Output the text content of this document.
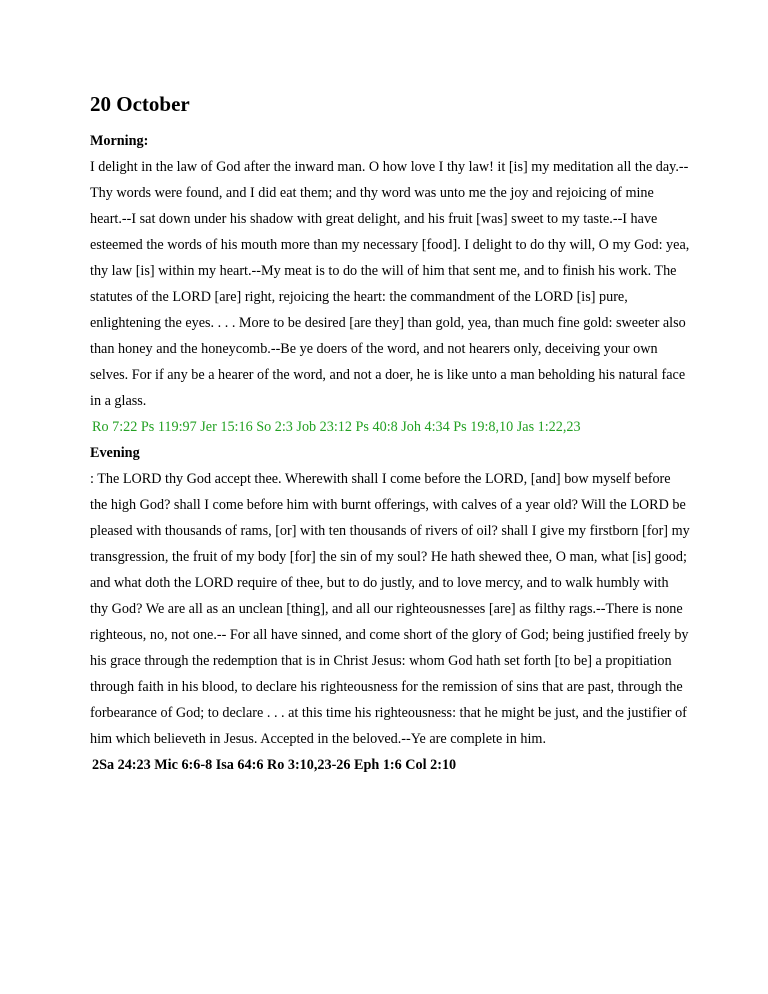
20 October

Morning:

I delight in the law of God after the inward man. O how love I thy law! it [is] my meditation all the day.--Thy words were found, and I did eat them; and thy word was unto me the joy and rejoicing of mine heart.--I sat down under his shadow with great delight, and his fruit [was] sweet to my taste.--I have esteemed the words of his mouth more than my necessary [food]. I delight to do thy will, O my God: yea, thy law [is] within my heart.--My meat is to do the will of him that sent me, and to finish his work. The statutes of the LORD [are] right, rejoicing the heart: the commandment of the LORD [is] pure, enlightening the eyes. . . . More to be desired [are they] than gold, yea, than much fine gold: sweeter also than honey and the honeycomb.--Be ye doers of the word, and not hearers only, deceiving your own selves. For if any be a hearer of the word, and not a doer, he is like unto a man beholding his natural face in a glass.

Ro 7:22 Ps 119:97 Jer 15:16 So 2:3 Job 23:12 Ps 40:8 Joh 4:34 Ps 19:8,10 Jas 1:22,23

Evening

: The LORD thy God accept thee. Wherewith shall I come before the LORD, [and] bow myself before the high God? shall I come before him with burnt offerings, with calves of a year old? Will the LORD be pleased with thousands of rams, [or] with ten thousands of rivers of oil? shall I give my firstborn [for] my transgression, the fruit of my body [for] the sin of my soul? He hath shewed thee, O man, what [is] good; and what doth the LORD require of thee, but to do justly, and to love mercy, and to walk humbly with thy God? We are all as an unclean [thing], and all our righteousnesses [are] as filthy rags.--There is none righteous, no, not one.-- For all have sinned, and come short of the glory of God; being justified freely by his grace through the redemption that is in Christ Jesus: whom God hath set forth [to be] a propitiation through faith in his blood, to declare his righteousness for the remission of sins that are past, through the forbearance of God; to declare . . . at this time his righteousness: that he might be just, and the justifier of him which believeth in Jesus. Accepted in the beloved.--Ye are complete in him.

2Sa 24:23 Mic 6:6-8 Isa 64:6 Ro 3:10,23-26 Eph 1:6 Col 2:10
